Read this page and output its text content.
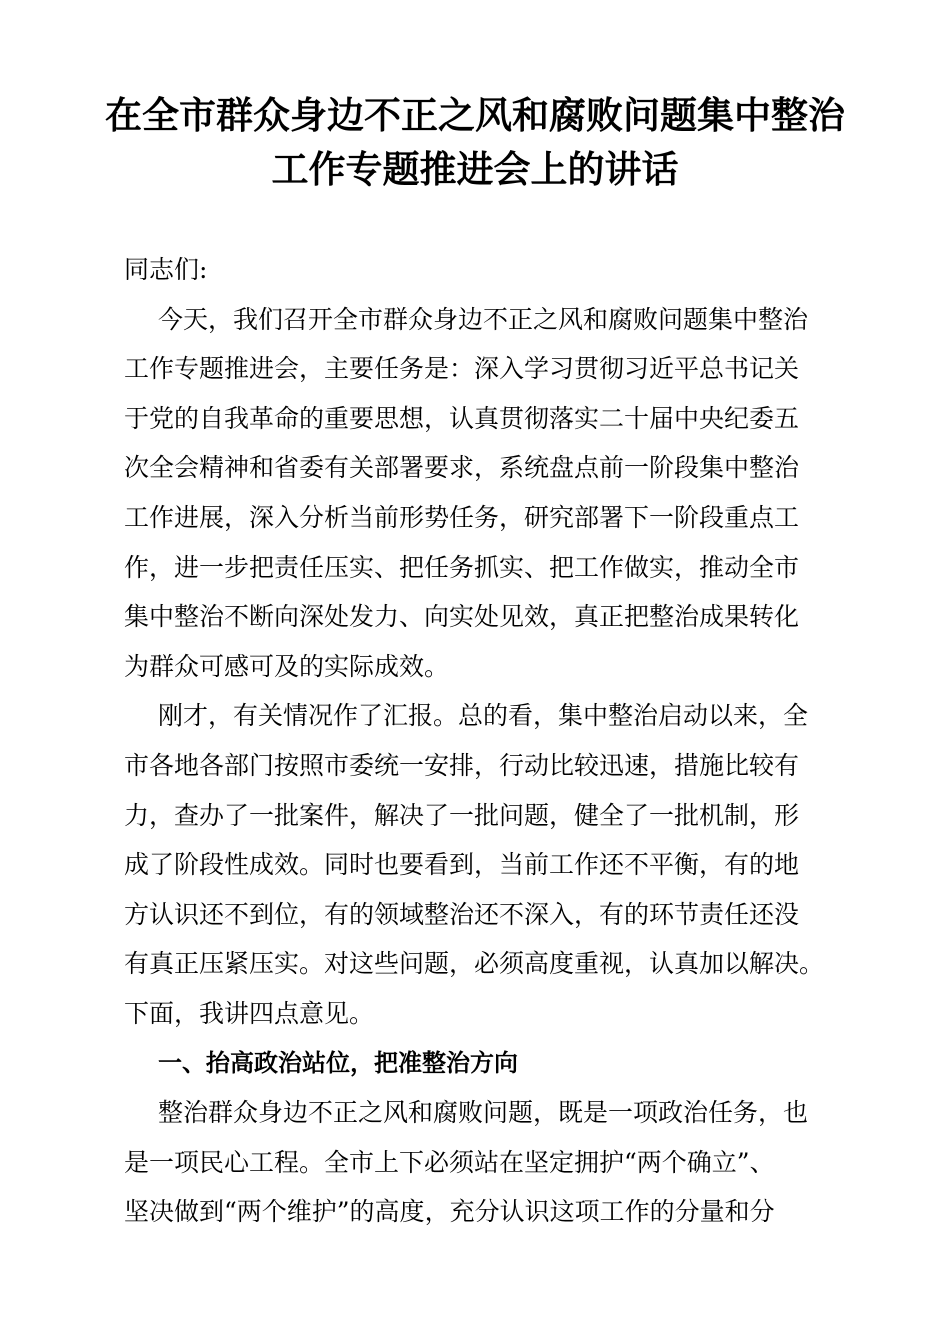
在全市群众身边不正之风和腐败问题集中整治
工作专题推进会上的讲话
同志们:
今天，我们召开全市群众身边不正之风和腐败问题集中整治
工作专题推进会，主要任务是：深入学习贯彻习近平总书记关
于党的自我革命的重要思想，认真贯彻落实二十届中央纪委五
次全会精神和省委有关部署要求，系统盘点前一阶段集中整治
工作进展，深入分析当前形势任务，研究部署下一阶段重点工
作，进一步把责任压实、把任务抓实、把工作做实，推动全市
集中整治不断向深处发力、向实处见效，真正把整治成果转化
为群众可感可及的实际成效。
刚才，有关情况作了汇报。总的看，集中整治启动以来，全
市各地各部门按照市委统一安排，行动比较迅速，措施比较有
力，查办了一批案件，解决了一批问题，健全了一批机制，形
成了阶段性成效。同时也要看到，当前工作还不平衡，有的地
方认识还不到位，有的领域整治还不深入，有的环节责任还没
有真正压紧压实。对这些问题，必须高度重视，认真加以解决。
下面，我讲四点意见。
一、抬高政治站位，把准整治方向
整治群众身边不正之风和腐败问题，既是一项政治任务，也
是一项民心工程。全市上下必须站在坚定拥护“两个确立”、
坚决做到“两个维护”的高度，充分认识这项工作的分量和分
